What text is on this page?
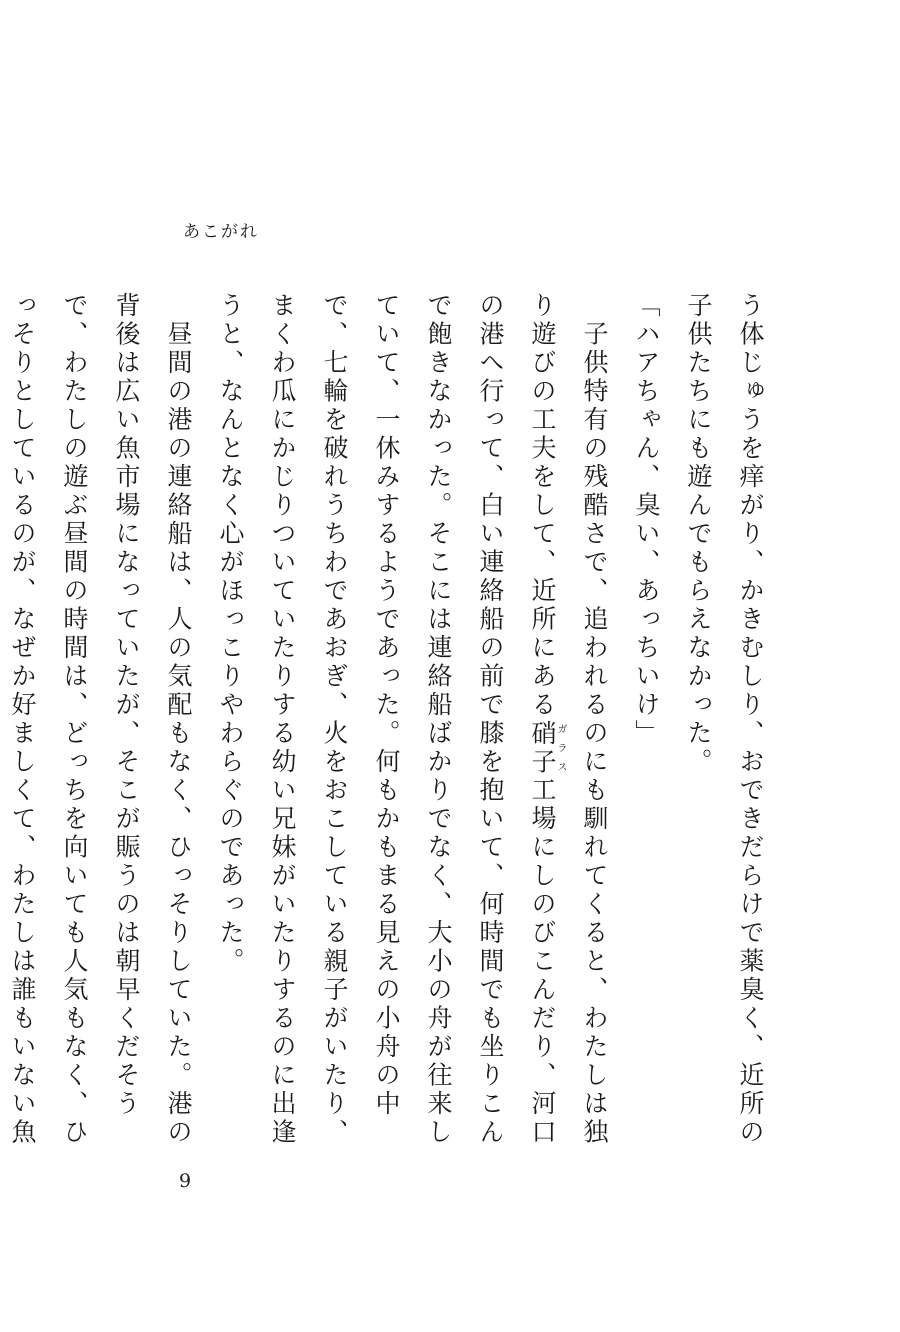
あこがれ

う体じゅうを痒がり、かきむしり、おできだらけで薬臭く、近所の子供たちにも遊んでもらえなかった。

「ハアちゃん、臭い、あっちいけ」

　子供特有の残酷さで、追われるのにも馴れてくると、わたしは独り遊びの工夫をして、近所にある硝子ガラス工場にしのびこんだり、河口の港へ行って、白い連絡船の前で膝を抱いて、何時間でも坐りこんで飽きなかった。そこには連絡船ばかりでなく、大小の舟が往来していて、一休みするようであった。何もかもまる見えの小舟の中で、七輪を破れうちわであおぎ、火をおこしている親子がいたり、まくわ瓜にかじりついていたりする幼い兄妹がいたりするのに出逢うと、なんとなく心がほっこりやわらぐのであった。

　昼間の港の連絡船は、人の気配もなく、ひっそりしていた。港の背後は広い魚市場になっていたが、そこが賑うのは朝早くだそうで、わたしの遊ぶ昼間の時間は、どっちを向いても人気もなく、ひっそりとしているのが、なぜか好ましくて、わたしは誰もいない魚

9
